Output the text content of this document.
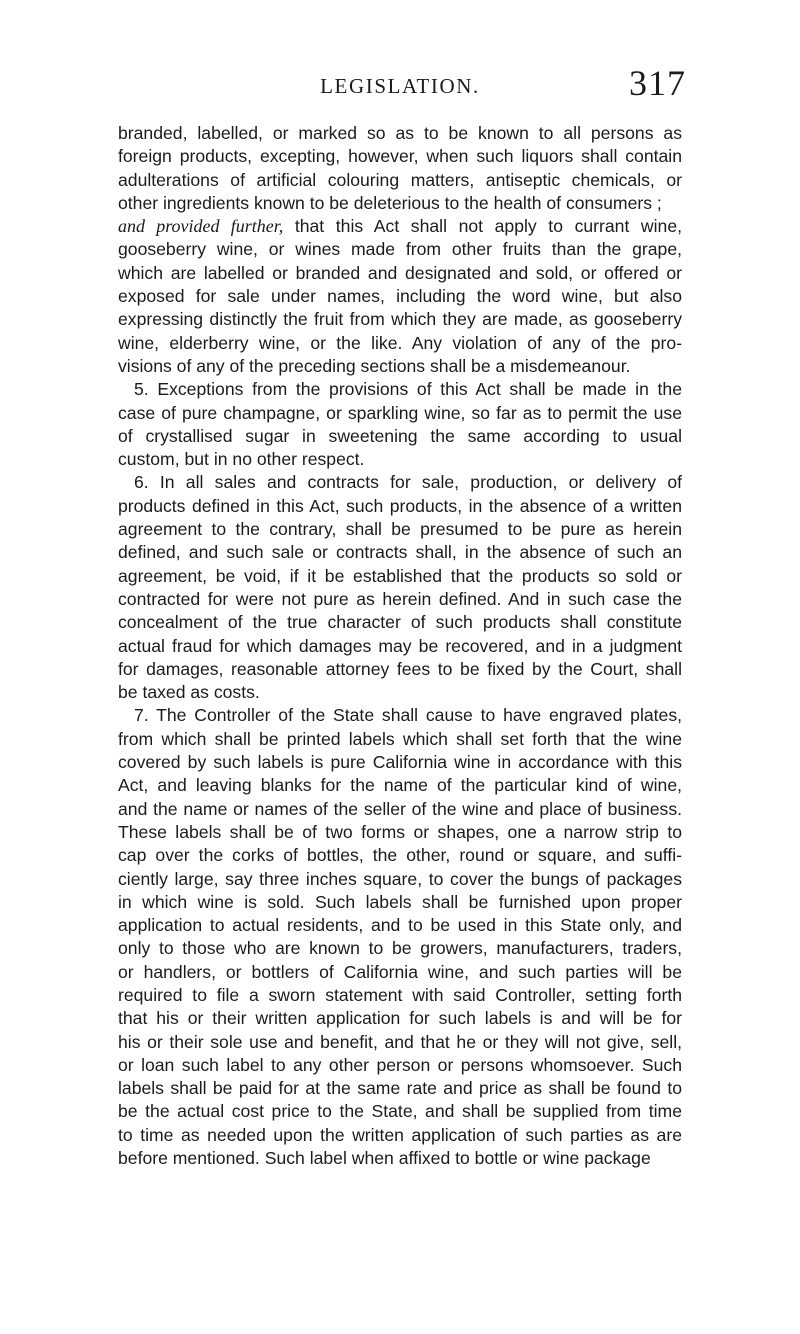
LEGISLATION.	317
branded, labelled, or marked so as to be known to all persons as
foreign products, excepting, however, when such liquors shall contain
adulterations of artificial colouring matters, antiseptic chemicals, or
other ingredients known to be deleterious to the health of consumers ;
and provided further, that this Act shall not apply to currant wine,
gooseberry wine, or wines made from other fruits than the grape,
which are labelled or branded and designated and sold, or offered or
exposed for sale under names, including the word wine, but also
expressing distinctly the fruit from which they are made, as gooseberry
wine, elderberry wine, or the like. Any violation of any of the pro-
visions of any of the preceding sections shall be a misdemeanour.
5. Exceptions from the provisions of this Act shall be made in the
case of pure champagne, or sparkling wine, so far as to permit the use
of crystallised sugar in sweetening the same according to usual
custom, but in no other respect.
6. In all sales and contracts for sale, production, or delivery of
products defined in this Act, such products, in the absence of a written
agreement to the contrary, shall be presumed to be pure as herein
defined, and such sale or contracts shall, in the absence of such an
agreement, be void, if it be established that the products so sold or
contracted for were not pure as herein defined. And in such case the
concealment of the true character of such products shall constitute
actual fraud for which damages may be recovered, and in a judgment
for damages, reasonable attorney fees to be fixed by the Court, shall
be taxed as costs.
7. The Controller of the State shall cause to have engraved plates,
from which shall be printed labels which shall set forth that the wine
covered by such labels is pure California wine in accordance with this
Act, and leaving blanks for the name of the particular kind of wine,
and the name or names of the seller of the wine and place of business.
These labels shall be of two forms or shapes, one a narrow strip to
cap over the corks of bottles, the other, round or square, and suffi-
ciently large, say three inches square, to cover the bungs of packages
in which wine is sold. Such labels shall be furnished upon proper
application to actual residents, and to be used in this State only, and
only to those who are known to be growers, manufacturers, traders,
or handlers, or bottlers of California wine, and such parties will be
required to file a sworn statement with said Controller, setting forth
that his or their written application for such labels is and will be for
his or their sole use and benefit, and that he or they will not give, sell,
or loan such label to any other person or persons whomsoever. Such
labels shall be paid for at the same rate and price as shall be found to
be the actual cost price to the State, and shall be supplied from time
to time as needed upon the written application of such parties as are
before mentioned. Such label when affixed to bottle or wine package
